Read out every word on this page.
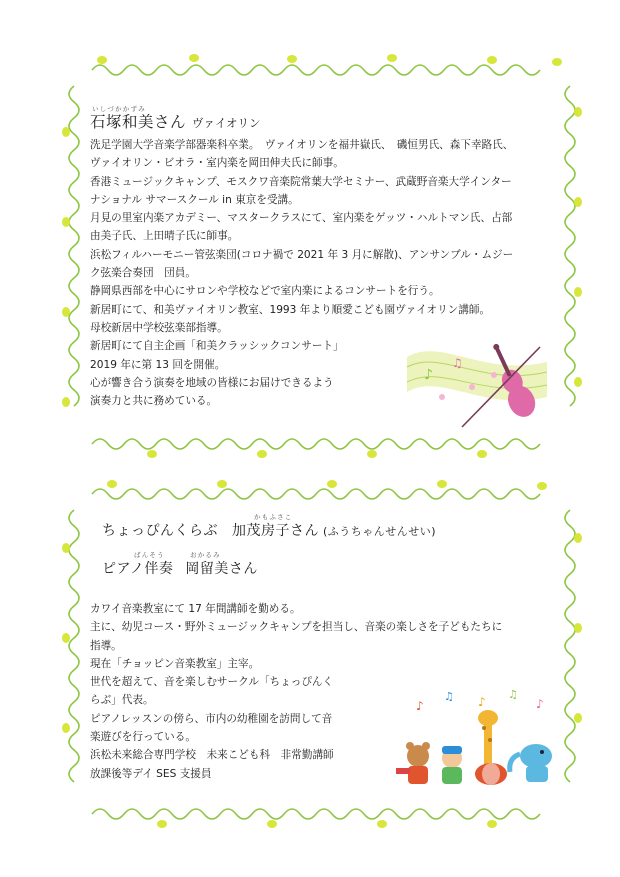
いしづかかずみ
石塚和美さん ヴァイオリン
洗足学園大学音楽学部器楽科卒業。　ヴァイオリンを福井嶽氏、　磯恒男氏、森下幸路氏、
ヴァイオリン・ビオラ・室内楽を岡田伸夫氏に師事。
香港ミュージックキャンプ、モスクワ音楽院常葉大学セミナー、武蔵野音楽大学インター
ナショナル サマースクール in 東京を受講。
月見の里室内楽アカデミー、マスタークラスにて、室内楽をゲッツ・ハルトマン氏、占部
由美子氏、上田晴子氏に師事。
浜松フィルハーモニー管弦楽団(コロナ禍で 2021 年 3 月に解散)、アンサンブル・ムジー
ク弦楽合奏団　団員。
静岡県西部を中心にサロンや学校などで室内楽によるコンサートを行う。
新居町にて、和美ヴァイオリン教室、1993 年より順愛こども園ヴァイオリン講師。
母校新居中学校弦楽部指導。
新居町にて自主企画「和美クラッシックコンサート」
2019 年に第 13 回を開催。
心が響き合う演奏を地域の皆様にお届けできるよう
演奏力と共に務めている。
♪
♫
かもふさこ
ちょっぴんくらぶ 加茂房子さん (ふうちゃんせんせい)
ばんそう	おかるみ
ピアノ伴奏 岡留美さん
カワイ音楽教室にて 17 年間講師を勤める。
主に、幼児コース・野外ミュージックキャンプを担当し、音楽の楽しさを子どもたちに
指導。
現在「チョッピン音楽教室」主宰。
世代を超えて、音を楽しむサークル「ちょっぴんく
らぶ」代表。
ピアノレッスンの傍ら、市内の幼稚園を訪問して音
楽遊びを行っている。
浜松未来総合専門学校　未来こども科　非常勤講師
放課後等デイ SES 支援員
♪
♫ ♪
♫
♪
